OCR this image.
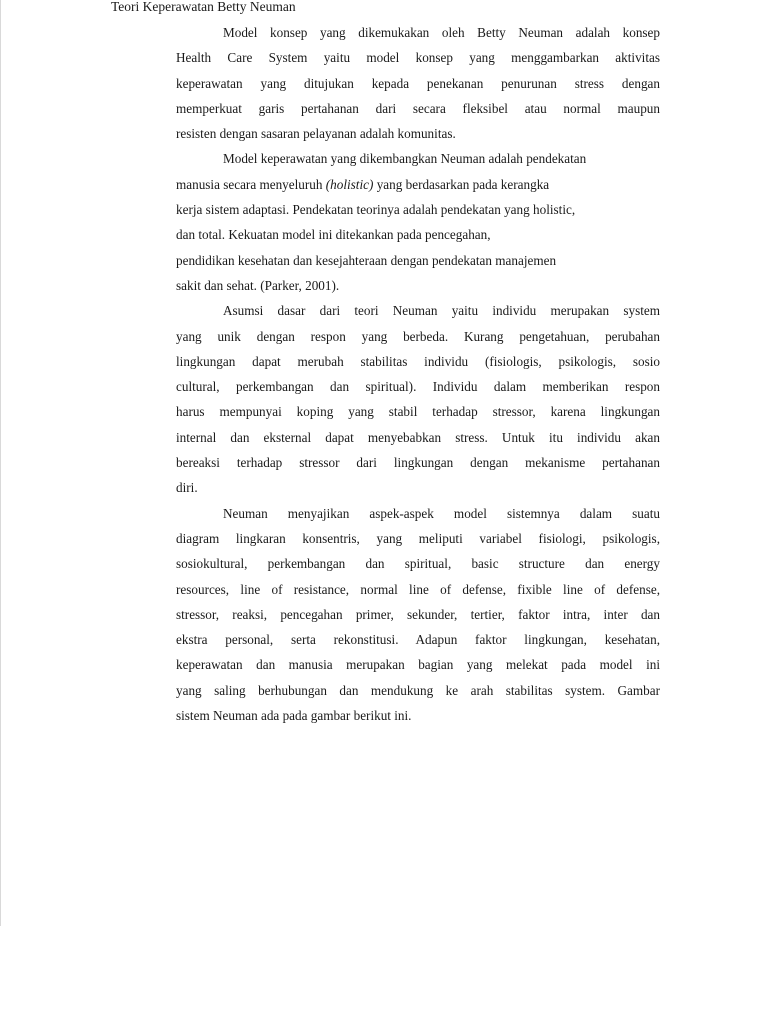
Teori Keperawatan Betty Neuman
Model konsep yang dikemukakan oleh Betty Neuman adalah konsep
Health Care System yaitu model konsep yang menggambarkan aktivitas
keperawatan yang ditujukan kepada penekanan penurunan stress dengan
memperkuat garis pertahanan dari secara fleksibel atau normal maupun
resisten dengan sasaran pelayanan adalah komunitas.
Model keperawatan yang dikembangkan Neuman adalah pendekatan
manusia secara menyeluruh (holistic) yang berdasarkan pada kerangka
kerja sistem adaptasi. Pendekatan teorinya adalah pendekatan yang holistic,
dan total. Kekuatan model ini ditekankan pada pencegahan,
pendidikan kesehatan dan kesejahteraan dengan pendekatan manajemen
sakit dan sehat. (Parker, 2001).
Asumsi dasar dari teori Neuman yaitu individu merupakan system
yang unik dengan respon yang berbeda. Kurang pengetahuan, perubahan
lingkungan dapat merubah stabilitas individu (fisiologis, psikologis, sosio
cultural, perkembangan dan spiritual). Individu dalam memberikan respon
harus mempunyai koping yang stabil terhadap stressor, karena lingkungan
internal dan eksternal dapat menyebabkan stress. Untuk itu individu akan
bereaksi terhadap stressor dari lingkungan dengan mekanisme pertahanan
diri.
Neuman menyajikan aspek-aspek model sistemnya dalam suatu
diagram lingkaran konsentris, yang meliputi variabel fisiologi, psikologis,
sosiokultural, perkembangan dan spiritual, basic structure dan energy
resources, line of resistance, normal line of defense, fixible line of defense,
stressor, reaksi, pencegahan primer, sekunder, tertier, faktor intra, inter dan
ekstra personal, serta rekonstitusi. Adapun faktor lingkungan, kesehatan,
keperawatan dan manusia merupakan bagian yang melekat pada model ini
yang saling berhubungan dan mendukung ke arah stabilitas system. Gambar
sistem Neuman ada pada gambar berikut ini.
